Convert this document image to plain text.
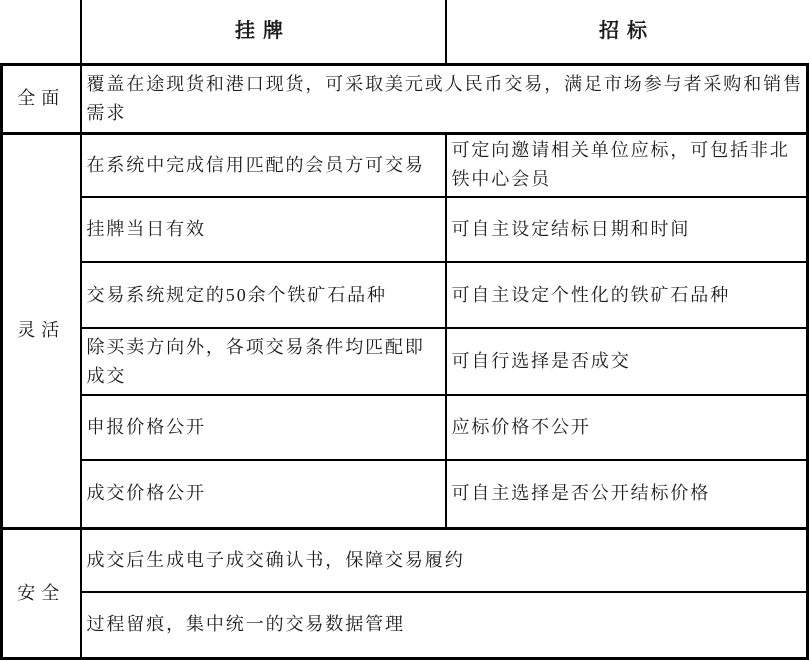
	挂牌	招标
全面	覆盖在途现货和港口现货，可采取美元或人民币交易，满足市场参与者采购和销售需求	
灵活	在系统中完成信用匹配的会员方可交易	可定向邀请相关单位应标，可包括非北铁中心会员
	挂牌当日有效	可自主设定结标日期和时间
	交易系统规定的50余个铁矿石品种	可自主设定个性化的铁矿石品种
	除买卖方向外，各项交易条件均匹配即成交	可自行选择是否成交
	申报价格公开	应标价格不公开
	成交价格公开	可自主选择是否公开结标价格
安全	成交后生成电子成交确认书，保障交易履约	
	过程留痕，集中统一的交易数据管理	
